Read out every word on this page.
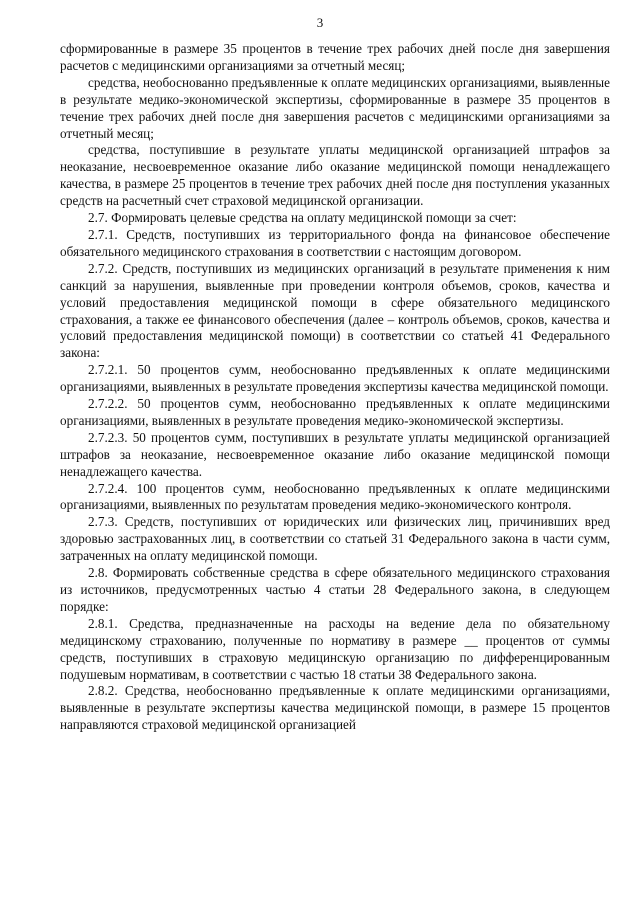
3

сформированные в размере 35 процентов в течение трех рабочих дней после дня завершения расчетов с медицинскими организациями за отчетный месяц;

средства, необоснованно предъявленные к оплате медицинских организациями, выявленные в результате медико-экономической экспертизы, сформированные в размере 35 процентов в течение трех рабочих дней после дня завершения расчетов с медицинскими организациями за отчетный месяц;

средства, поступившие в результате уплаты медицинской организацией штрафов за неоказание, несвоевременное оказание либо оказание медицинской помощи ненадлежащего качества, в размере 25 процентов в течение трех рабочих дней после дня поступления указанных средств на расчетный счет страховой медицинской организации.

2.7. Формировать целевые средства на оплату медицинской помощи за счет:

2.7.1. Средств, поступивших из территориального фонда на финансовое обеспечение обязательного медицинского страхования в соответствии с настоящим договором.

2.7.2. Средств, поступивших из медицинских организаций в результате применения к ним санкций за нарушения, выявленные при проведении контроля объемов, сроков, качества и условий предоставления медицинской помощи в сфере обязательного медицинского страхования, а также ее финансового обеспечения (далее – контроль объемов, сроков, качества и условий предоставления медицинской помощи) в соответствии со статьей 41 Федерального закона:

2.7.2.1. 50 процентов сумм, необоснованно предъявленных к оплате медицинскими организациями, выявленных в результате проведения экспертизы качества медицинской помощи.

2.7.2.2. 50 процентов сумм, необоснованно предъявленных к оплате медицинскими организациями, выявленных в результате проведения медико-экономической экспертизы.

2.7.2.3. 50 процентов сумм, поступивших в результате уплаты медицинской организацией штрафов за неоказание, несвоевременное оказание либо оказание медицинской помощи ненадлежащего качества.

2.7.2.4. 100 процентов сумм, необоснованно предъявленных к оплате медицинскими организациями, выявленных по результатам проведения медико-экономического контроля.

2.7.3. Средств, поступивших от юридических или физических лиц, причинивших вред здоровью застрахованных лиц, в соответствии со статьей 31 Федерального закона в части сумм, затраченных на оплату медицинской помощи.

2.8. Формировать собственные средства в сфере обязательного медицинского страхования из источников, предусмотренных частью 4 статьи 28 Федерального закона, в следующем порядке:

2.8.1. Средства, предназначенные на расходы на ведение дела по обязательному медицинскому страхованию, полученные по нормативу в размере __ процентов от суммы средств, поступивших в страховую медицинскую организацию по дифференцированным подушевым нормативам, в соответствии с частью 18 статьи 38 Федерального закона.

2.8.2. Средства, необоснованно предъявленные к оплате медицинскими организациями, выявленные в результате экспертизы качества медицинской помощи, в размере 15 процентов направляются страховой медицинской организацией
